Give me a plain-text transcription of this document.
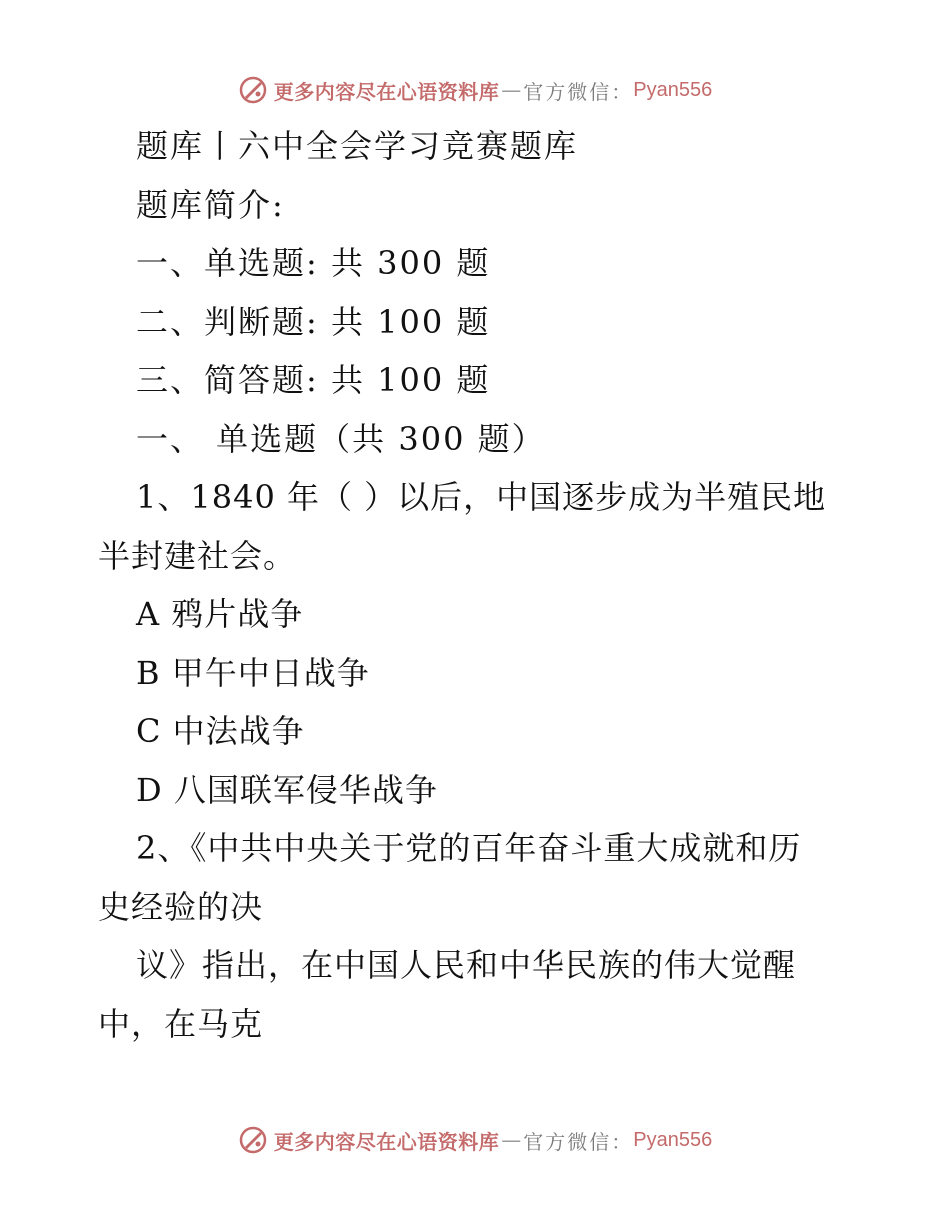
更多内容尽在心语资料库 — 官方微信： Pyan556
题库丨六中全会学习竞赛题库
题库简介:
一、单选题: 共 300 题
二、判断题: 共 100 题
三、简答题: 共 100 题
一、 单选题（共 300 题）
1、1840 年（ ）以后，中国逐步成为半殖民地
半封建社会。
A 鸦片战争
B 甲午中日战争
C 中法战争
D 八国联军侵华战争
2、《中共中央关于党的百年奋斗重大成就和历
史经验的决
议》指出，在中国人民和中华民族的伟大觉醒
中，在马克
更多内容尽在心语资料库 — 官方微信： Pyan556
